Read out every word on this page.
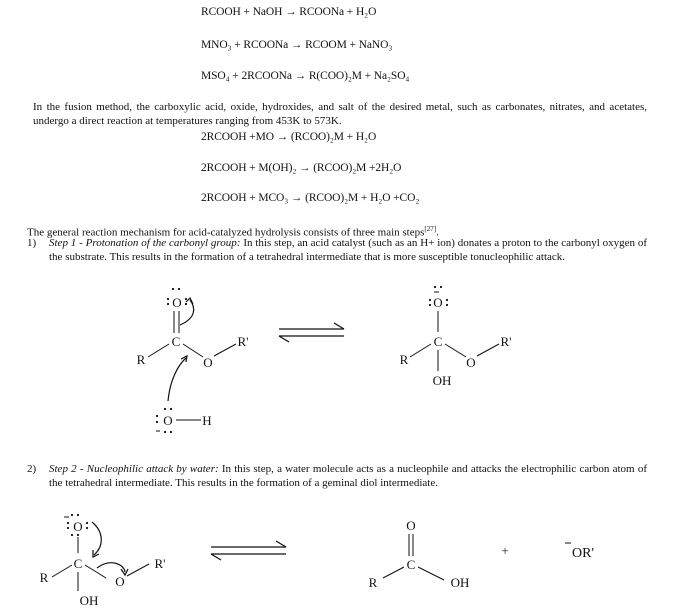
RCOOH + NaOH → RCOONa + H₂O
MNO₃ + RCOONa → RCOOM + NaNO₃
MSO₄ + 2RCOONa → R(COO)₂M + Na₂SO₄
In the fusion method, the carboxylic acid, oxide, hydroxides, and salt of the desired metal, such as carbonates, nitrates, and acetates, undergo a direct reaction at temperatures ranging from 453K to 573K.
2RCOOH +MO → (RCOO)₂M + H₂O
2RCOOH + M(OH)₂ → (RCOO)₂M +2H₂O
2RCOOH + MCO₃ → (RCOO)₂M + H₂O +CO₂
The general reaction mechanism for acid-catalyzed hydrolysis consists of three main steps[27].
1) Step 1 - Protonation of the carbonyl group: In this step, an acid catalyst (such as an H+ ion) donates a proton to the carbonyl oxygen of the substrate. This results in the formation of a tetrahedral intermediate that is more susceptible tonucleophilic attack.
O
C
R	O
R'
O H
O
C
R	O
R'
OH
2) Step 2 - Nucleophilic attack by water: In this step, a water molecule acts as a nucleophile and attacks the electrophilic carbon atom of the tetrahedral intermediate. This results in the formation of a geminal diol intermediate.
O
C
R	O
R'
OH
O
C
R	OH
+	OR'
